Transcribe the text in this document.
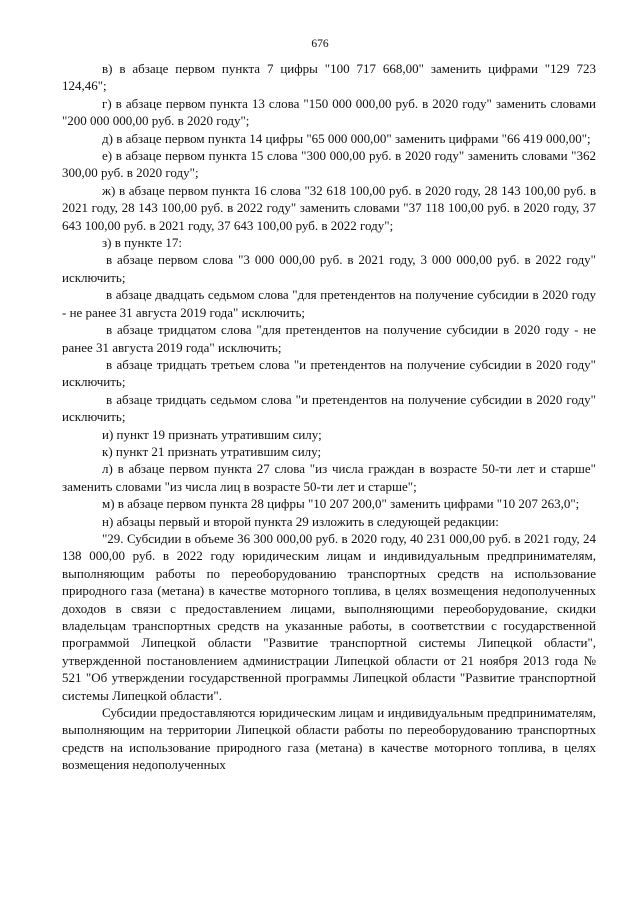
676

в) в абзаце первом пункта 7 цифры "100 717 668,00" заменить цифрами "129 723 124,46";

г) в абзаце первом пункта 13 слова "150 000 000,00 руб. в 2020 году" заменить словами "200 000 000,00 руб. в 2020 году";

д) в абзаце первом пункта 14 цифры "65 000 000,00" заменить цифрами "66 419 000,00";

е) в абзаце первом пункта 15 слова "300 000,00 руб. в 2020 году" заменить словами "362 300,00 руб. в 2020 году";

ж) в абзаце первом пункта 16 слова "32 618 100,00 руб. в 2020 году, 28 143 100,00 руб. в 2021 году, 28 143 100,00 руб. в 2022 году" заменить словами "37 118 100,00 руб. в 2020 году, 37 643 100,00 руб. в 2021 году, 37 643 100,00 руб. в 2022 году";

з) в пункте 17:

в абзаце первом слова "3 000 000,00 руб. в 2021 году, 3 000 000,00 руб. в 2022 году" исключить;

в абзаце двадцать седьмом слова "для претендентов на получение субсидии в 2020 году - не ранее 31 августа 2019 года" исключить;

в абзаце тридцатом слова "для претендентов на получение субсидии в 2020 году - не ранее 31 августа 2019 года" исключить;

в абзаце тридцать третьем слова "и претендентов на получение субсидии в 2020 году" исключить;

в абзаце тридцать седьмом слова "и претендентов на получение субсидии в 2020 году" исключить;

и) пункт 19 признать утратившим силу;

к) пункт 21 признать утратившим силу;

л) в абзаце первом пункта 27 слова "из числа граждан в возрасте 50-ти лет и старше" заменить словами "из числа лиц в возрасте 50-ти лет и старше";

м) в абзаце первом пункта 28 цифры "10 207 200,0" заменить цифрами "10 207 263,0";

н) абзацы первый и второй пункта 29 изложить в следующей редакции:

"29. Субсидии в объеме 36 300 000,00 руб. в 2020 году, 40 231 000,00 руб. в 2021 году, 24 138 000,00 руб. в 2022 году юридическим лицам и индивидуальным предпринимателям, выполняющим работы по переоборудованию транспортных средств на использование природного газа (метана) в качестве моторного топлива, в целях возмещения недополученных доходов в связи с предоставлением лицами, выполняющими переоборудование, скидки владельцам транспортных средств на указанные работы, в соответствии с государственной программой Липецкой области "Развитие транспортной системы Липецкой области", утвержденной постановлением администрации Липецкой области от 21 ноября 2013 года № 521 "Об утверждении государственной программы Липецкой области "Развитие транспортной системы Липецкой области".

Субсидии предоставляются юридическим лицам и индивидуальным предпринимателям, выполняющим на территории Липецкой области работы по переоборудованию транспортных средств на использование природного газа (метана) в качестве моторного топлива, в целях возмещения недополученных
